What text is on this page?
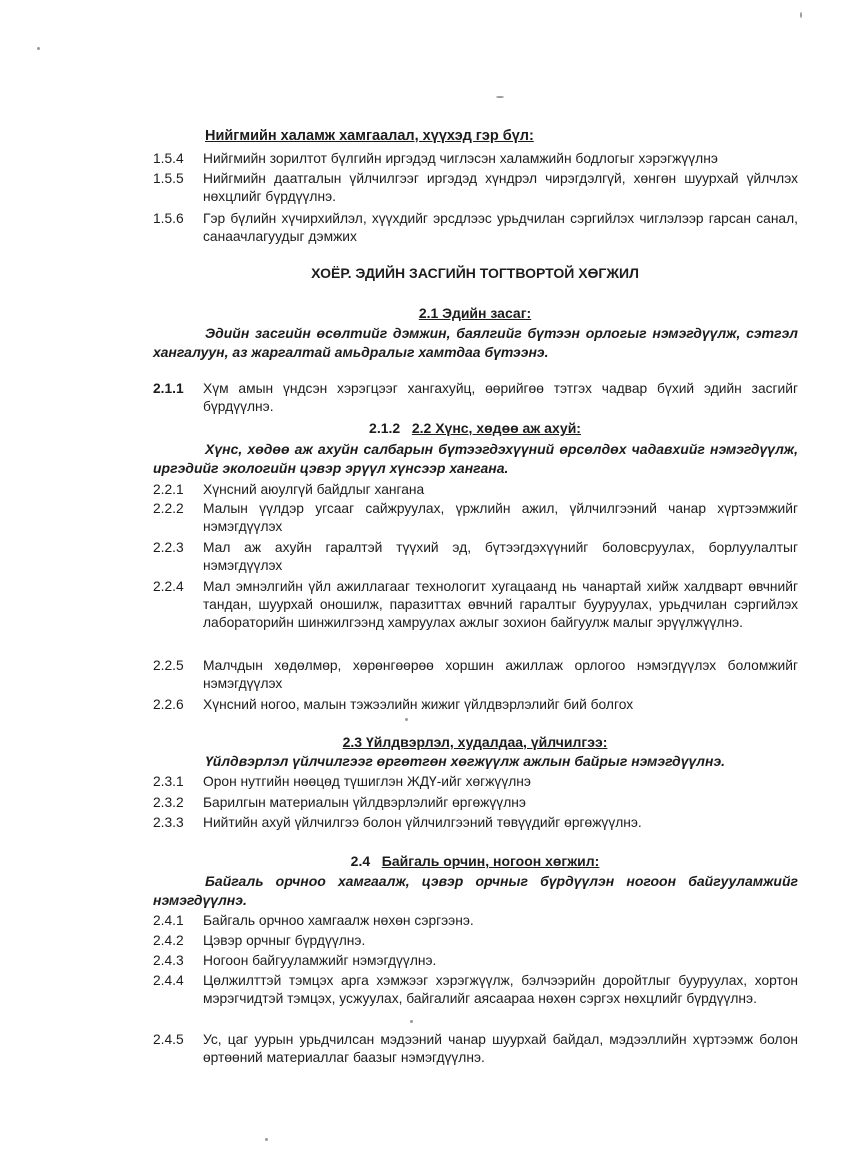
Нийгмийн халамж хамгаалал, хүүхэд гэр бүл:
1.5.4	Нийгмийн зорилтот бүлгийн иргэдэд чиглэсэн халамжийн бодлогыг хэрэгжүүлнэ
1.5.5	Нийгмийн даатгалын үйлчилгээг иргэдэд хүндрэл чирэгдэлгүй, хөнгөн шуурхай үйлчлэх нөхцлийг бүрдүүлнэ.
1.5.6	Гэр бүлийн хүчирхийлэл, хүүхдийг эрсдлээс урьдчилан сэргийлэх чиглэлээр гарсан санал, санаачлагуудыг дэмжих
ХОЁР. ЭДИЙН ЗАСГИЙН ТОГТВОРТОЙ ХӨГЖИЛ
2.1 Эдийн засаг:
Эдийн засгийн өсөлтийг дэмжин, баялгийг бүтээн орлогыг нэмэгдүүлж, сэтгэл хангалуун, аз жаргалтай амьдралыг хамтдаа бүтээнэ.
2.1.1	Хүм амын үндсэн хэрэгцээг хангахуйц, өөрийгөө тэтгэх чадвар бүхий эдийн засгийг бүрдүүлнэ.
2.1.2 2.2 Хүнс, хөдөө аж ахуй:
Хүнс, хөдөө аж ахуйн салбарын бүтээгдэхүүний өрсөлдөх чадавхийг нэмэгдүүлж, иргэдийг экологийн цэвэр эрүүл хүнсээр хангана.
2.2.1	Хүнсний аюулгүй байдлыг хангана
2.2.2	Малын үүлдэр угсааг сайжруулах, үржлийн ажил, үйлчилгээний чанар хүртээмжийг нэмэгдүүлэх
2.2.3	Мал аж ахуйн гаралтэй түүхий эд, бүтээгдэхүүнийг боловсруулах, борлуулалтыг нэмэгдүүлэх
2.2.4	Мал эмнэлгийн үйл ажиллагааг технологит хугацаанд нь чанартай хийж халдварт өвчнийг тандан, шуурхай оношилж, паразиттах өвчний гаралтыг бууруулах, урьдчилан сэргийлэх лабораторийн шинжилгээнд хамруулах ажлыг зохион байгуулж малыг эрүүлжүүлнэ.
2.2.5	Малчдын хөдөлмөр, хөрөнгөөрөө хоршин ажиллаж орлогоо нэмэгдүүлэх боломжийг нэмэгдүүлэх
2.2.6	Хүнсний ногоо, малын тэжээлийн жижиг үйлдвэрлэлийг бий болгох
2.3 Үйлдвэрлэл, худалдаа, үйлчилгээ:
Үйлдвэрлэл үйлчилгээг өргөтгөн хөгжүүлж ажлын байрыг нэмэгдүүлнэ.
2.3.1	Орон нутгийн нөөцөд түшиглэн ЖДҮ-ийг хөгжүүлнэ
2.3.2	Барилгын материалын үйлдвэрлэлийг өргөжүүлнэ
2.3.3	Нийтийн ахуй үйлчилгээ болон үйлчилгээний төвүүдийг өргөжүүлнэ.
2.4 Байгаль орчин, ногоон хөгжил:
Байгаль орчноо хамгаалж, цэвэр орчныг бүрдүүлэн ногоон байгууламжийг нэмэгдүүлнэ.
2.4.1	Байгаль орчноо хамгаалж нөхөн сэргээнэ.
2.4.2	Цэвэр орчныг бүрдүүлнэ.
2.4.3	Ногоон байгууламжийг нэмэгдүүлнэ.
2.4.4	Цөлжилттэй тэмцэх арга хэмжээг хэрэгжүүлж, бэлчээрийн доройтлыг бууруулах, хортон мэрэгчидтэй тэмцэх, усжуулах, байгалийг аясаараа нөхөн сэргэх нөхцлийг бүрдүүлнэ.
2.4.5	Ус, цаг уурын урьдчилсан мэдээний чанар шуурхай байдал, мэдээллийн хүртээмж болон өртөөний материаллаг баазыг нэмэгдүүлнэ.
